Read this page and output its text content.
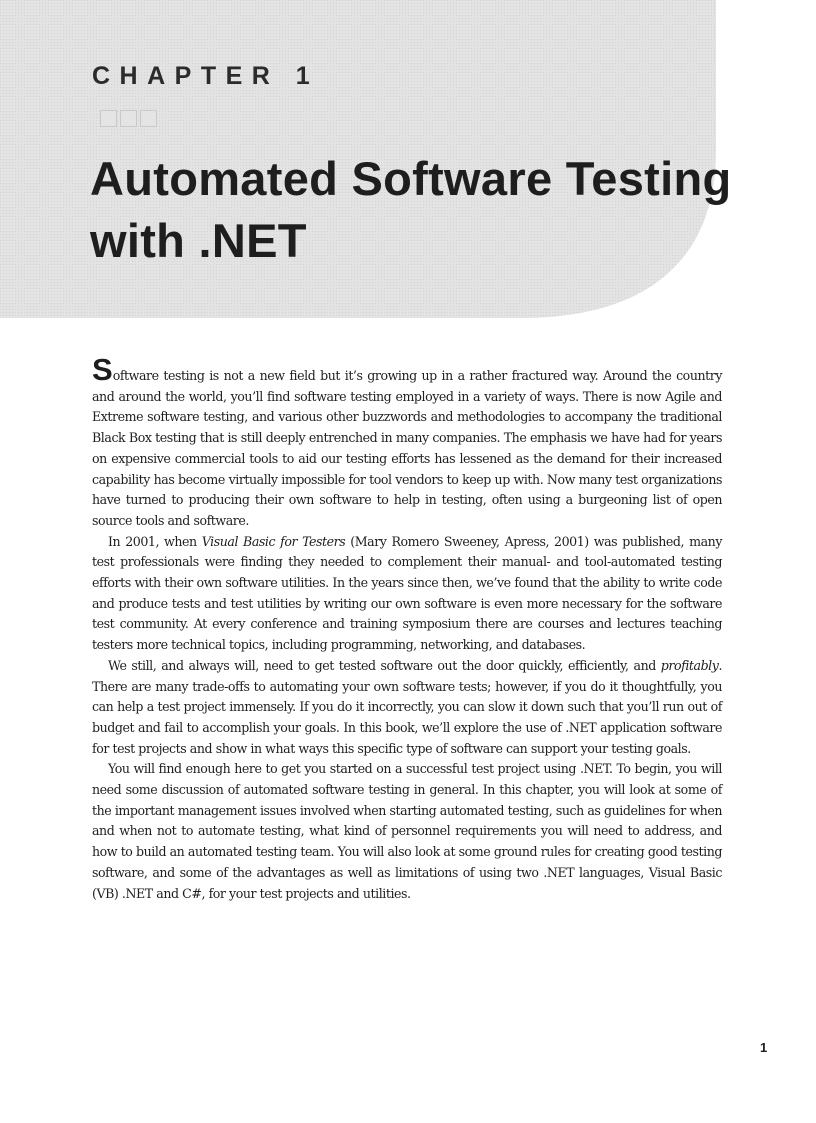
CHAPTER 1
Automated Software Testing
with .NET

Software testing is not a new field but it’s growing up in a rather fractured way. Around the country and around the world, you’ll find software testing employed in a variety of ways. There is now Agile and Extreme software testing, and various other buzzwords and methodologies to accompany the traditional Black Box testing that is still deeply entrenched in many companies. The emphasis we have had for years on expensive commercial tools to aid our testing efforts has lessened as the demand for their increased capability has become virtually impossible for tool vendors to keep up with. Now many test organizations have turned to producing their own software to help in testing, often using a burgeoning list of open source tools and software.

In 2001, when Visual Basic for Testers (Mary Romero Sweeney, Apress, 2001) was published, many test professionals were finding they needed to complement their manual- and tool-automated testing efforts with their own software utilities. In the years since then, we’ve found that the ability to write code and produce tests and test utilities by writing our own software is even more necessary for the software test community. At every conference and training symposium there are courses and lectures teaching testers more technical topics, including programming, networking, and databases.

We still, and always will, need to get tested software out the door quickly, efficiently, and profitably. There are many trade-offs to automating your own software tests; however, if you do it thoughtfully, you can help a test project immensely. If you do it incorrectly, you can slow it down such that you’ll run out of budget and fail to accomplish your goals. In this book, we’ll explore the use of .NET application software for test projects and show in what ways this specific type of software can support your testing goals.

You will find enough here to get you started on a successful test project using .NET. To begin, you will need some discussion of automated software testing in general. In this chapter, you will look at some of the important management issues involved when starting automated testing, such as guidelines for when and when not to automate testing, what kind of personnel requirements you will need to address, and how to build an automated testing team. You will also look at some ground rules for creating good testing software, and some of the advantages as well as limitations of using two .NET languages, Visual Basic (VB) .NET and C#, for your test projects and utilities.

1
